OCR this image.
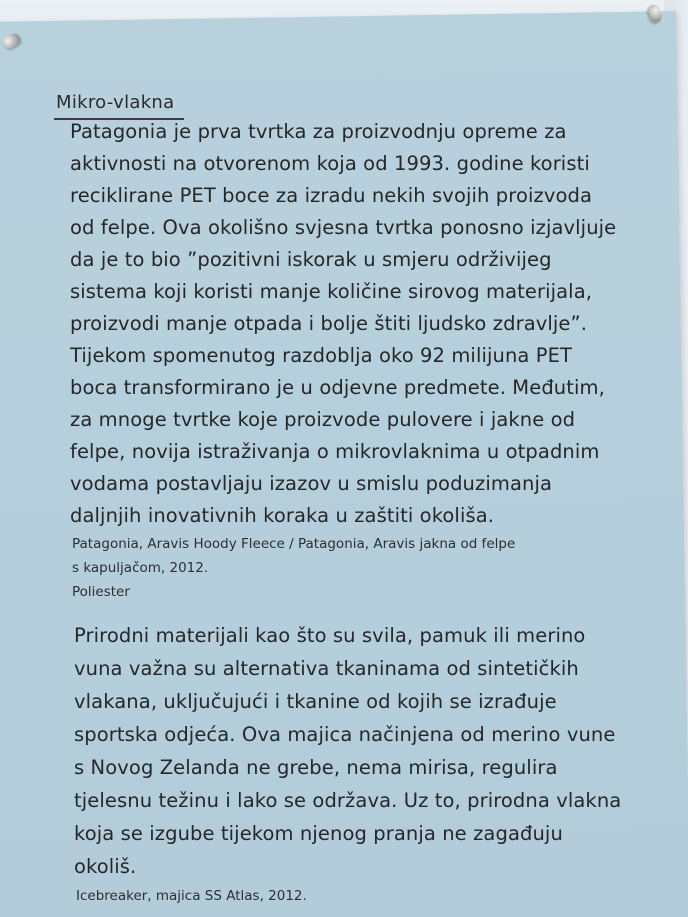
Mikro-vlakna
Patagonia je prva tvrtka za proizvodnju opreme za
aktivnosti na otvorenom koja od 1993. godine koristi
reciklirane PET boce za izradu nekih svojih proizvoda
od felpe. Ova okolišno svjesna tvrtka ponosno izjavljuje
da je to bio ”pozitivni iskorak u smjeru održivijeg
sistema koji koristi manje količine sirovog materijala,
proizvodi manje otpada i bolje štiti ljudsko zdravlje”.
Tijekom spomenutog razdoblja oko 92 milijuna PET
boca transformirano je u odjevne predmete. Međutim,
za mnoge tvrtke koje proizvode pulovere i jakne od
felpe, novija istraživanja o mikrovlaknima u otpadnim
vodama postavljaju izazov u smislu poduzimanja
daljnjih inovativnih koraka u zaštiti okoliša.
Patagonia, Aravis Hoody Fleece / Patagonia, Aravis jakna od felpe
s kapuljačom, 2012.
Poliester
Prirodni materijali kao što su svila, pamuk ili merino
vuna važna su alternativa tkaninama od sintetičkih
vlakana, uključujući i tkanine od kojih se izrađuje
sportska odjeća. Ova majica načinjena od merino vune
s Novog Zelanda ne grebe, nema mirisa, regulira
tjelesnu težinu i lako se održava. Uz to, prirodna vlakna
koja se izgube tijekom njenog pranja ne zagađuju
okoliš.
Icebreaker, majica SS Atlas, 2012.
